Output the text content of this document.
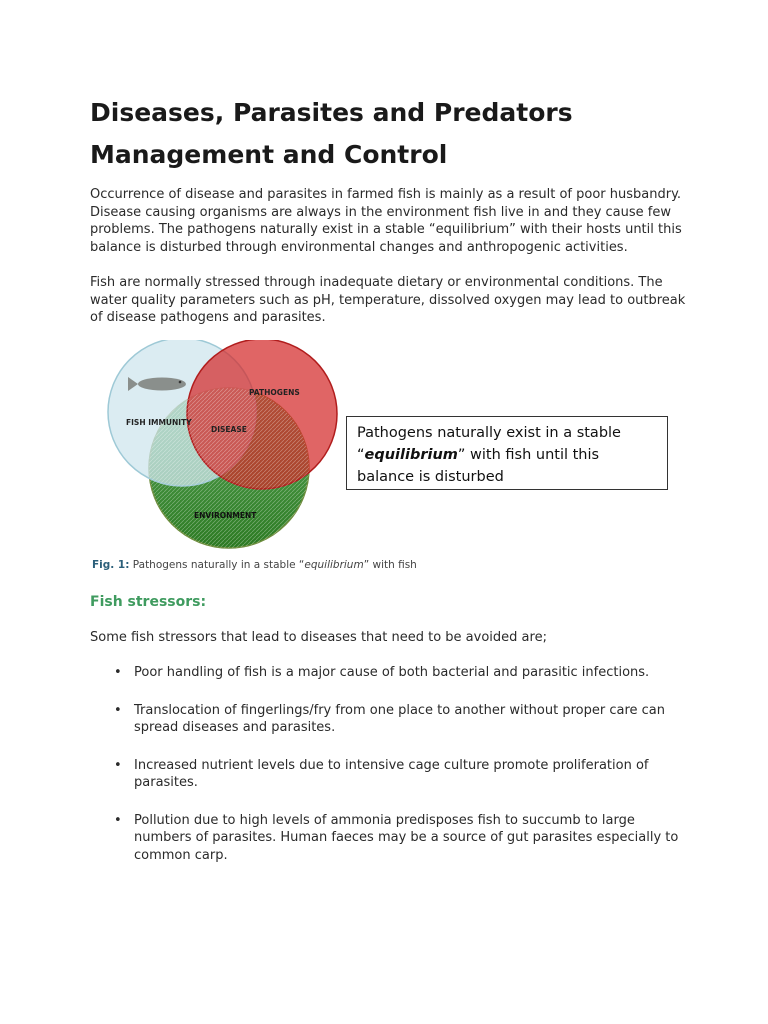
Diseases, Parasites and Predators
Management and Control

Occurrence of disease and parasites in farmed fish is mainly as a result of poor husbandry. Disease causing organisms are always in the environment fish live in and they cause few problems. The pathogens naturally exist in a stable “equilibrium” with their hosts until this balance is disturbed through environmental changes and anthropogenic activities.

Fish are normally stressed through inadequate dietary or environmental conditions. The water quality parameters such as pH, temperature, dissolved oxygen may lead to outbreak of disease pathogens and parasites.

FISH IMMUNITY
PATHOGENS
DISEASE
ENVIRONMENT
Pathogens naturally exist in a stable “equilibrium” with fish until this balance is disturbed

Fig. 1: Pathogens naturally in a stable “equilibrium” with fish

Fish stressors:

Some fish stressors that lead to diseases that need to be avoided are;

• Poor handling of fish is a major cause of both bacterial and parasitic infections.
• Translocation of fingerlings/fry from one place to another without proper care can spread diseases and parasites.
• Increased nutrient levels due to intensive cage culture promote proliferation of parasites.
• Pollution due to high levels of ammonia predisposes fish to succumb to large numbers of parasites. Human faeces may be a source of gut parasites especially to common carp.
